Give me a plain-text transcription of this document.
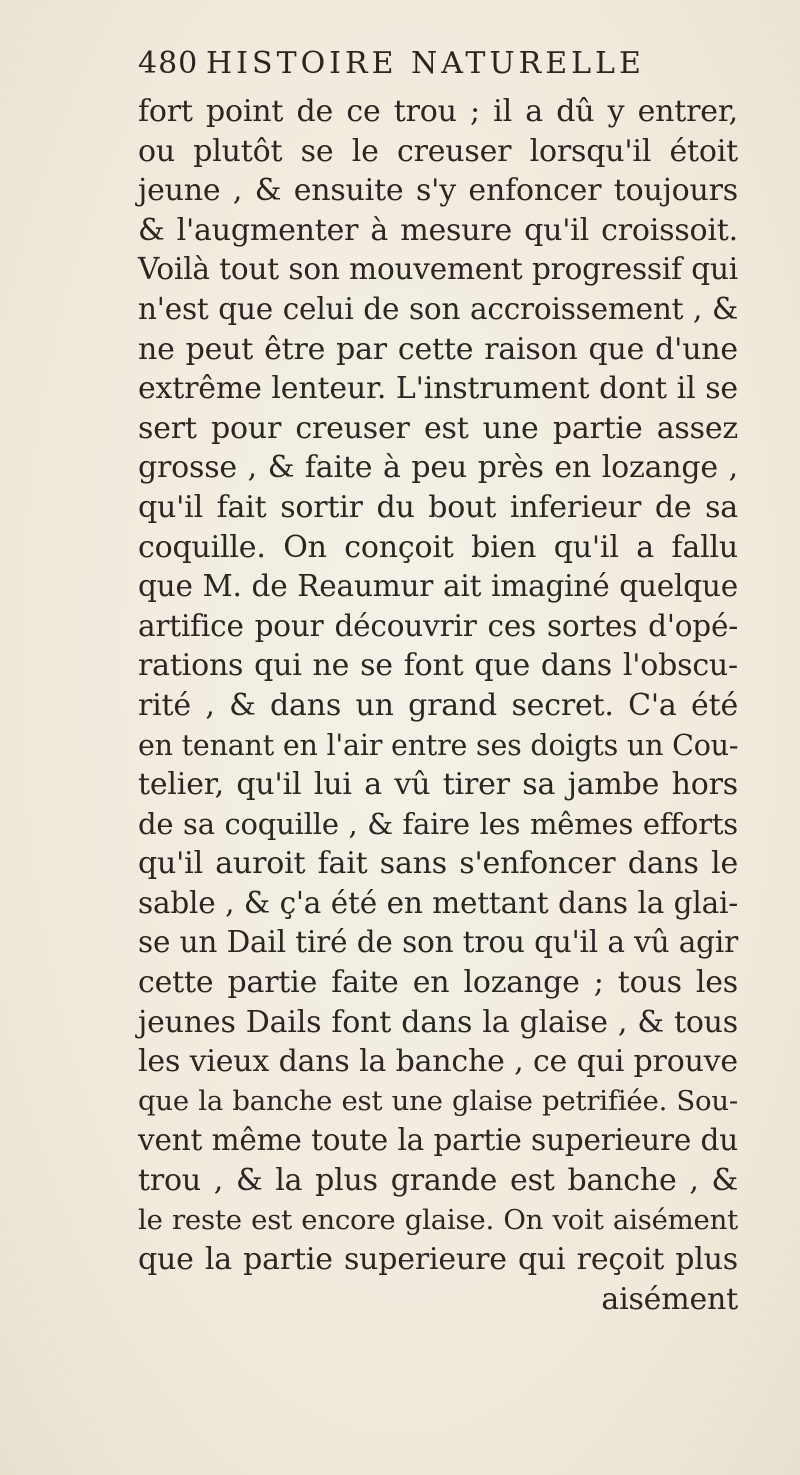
480 HISTOIRE NATURELLE
fort point de ce trou ; il a dû y entrer,
ou plutôt se le creuser lorsqu'il étoit
jeune , & ensuite s'y enfoncer toujours
& l'augmenter à mesure qu'il croissoit.
Voilà tout son mouvement progressif qui
n'est que celui de son accroissement , &
ne peut être par cette raison que d'une
extrême lenteur. L'instrument dont il se
sert pour creuser est une partie assez
grosse , & faite à peu près en lozange ,
qu'il fait sortir du bout inferieur de sa
coquille. On conçoit bien qu'il a fallu
que M. de Reaumur ait imaginé quelque
artifice pour découvrir ces sortes d'opé-
rations qui ne se font que dans l'obscu-
rité , & dans un grand secret. C'a été
en tenant en l'air entre ses doigts un Cou-
telier, qu'il lui a vû tirer sa jambe hors
de sa coquille , & faire les mêmes efforts
qu'il auroit fait sans s'enfoncer dans le
sable , & ç'a été en mettant dans la glai-
se un Dail tiré de son trou qu'il a vû agir
cette partie faite en lozange ; tous les
jeunes Dails font dans la glaise , & tous
les vieux dans la banche , ce qui prouve
que la banche est une glaise petrifiée. Sou-
vent même toute la partie superieure du
trou , & la plus grande est banche , &
le reste est encore glaise. On voit aisément
que la partie superieure qui reçoit plus
aisément
